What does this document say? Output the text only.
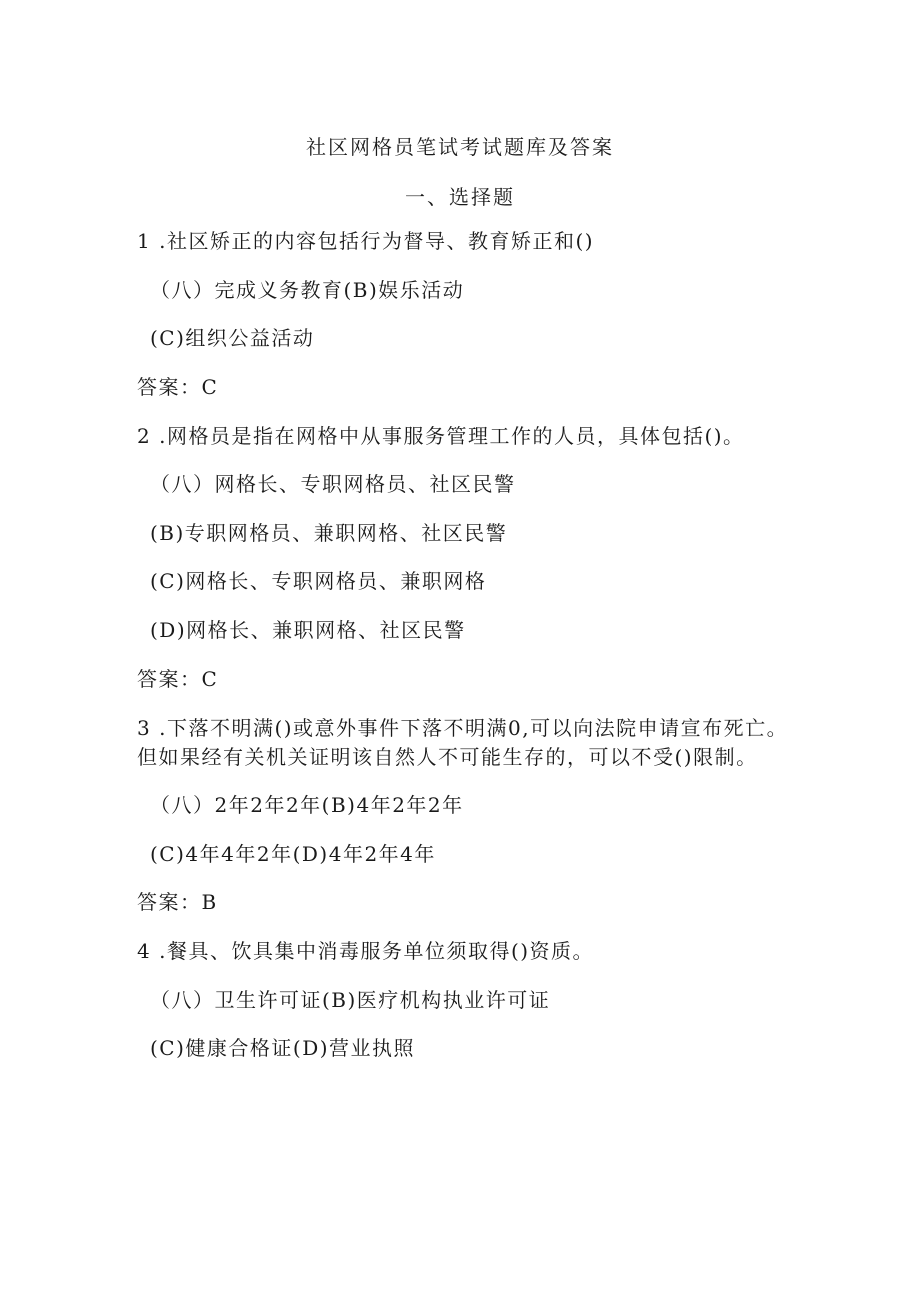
社区网格员笔试考试题库及答案
一、选择题
1 .社区矫正的内容包括行为督导、教育矫正和()
（八）完成义务教育(B)娱乐活动
(C)组织公益活动
答案：C
2 .网格员是指在网格中从事服务管理工作的人员，具体包括()。
（八）网格长、专职网格员、社区民警
(B)专职网格员、兼职网格、社区民警
(C)网格长、专职网格员、兼职网格
(D)网格长、兼职网格、社区民警
答案：C
3 .下落不明满()或意外事件下落不明满0,可以向法院申请宣布死亡。
但如果经有关机关证明该自然人不可能生存的，可以不受()限制。
（八）2年2年2年(B)4年2年2年
(C)4年4年2年(D)4年2年4年
答案：B
4 .餐具、饮具集中消毒服务单位须取得()资质。
（八）卫生许可证(B)医疗机构执业许可证
(C)健康合格证(D)营业执照
